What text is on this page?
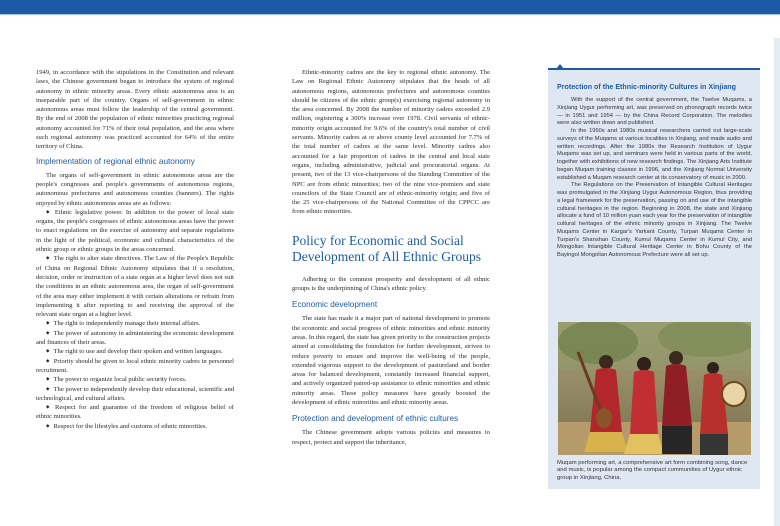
1949, in accordance with the stipulations in the Constitution and relevant laws, the Chinese government began to introduce the system of regional autonomy in ethnic minority areas. Every ethnic autonomous area is an inseparable part of the country. Organs of self-government in ethnic autonomous areas must follow the leadership of the central government. By the end of 2008 the population of ethnic minorities practicing regional autonomy accounted for 71% of their total population, and the area where such regional autonomy was practiced accounted for 64% of the entire territory of China.

Implementation of regional ethnic autonomy

The organs of self-government in ethnic autonomous areas are the people's congresses and people's governments of autonomous regions, autonomous prefectures and autonomous counties (banners). The rights enjoyed by ethnic autonomous areas are as follows:

◆ Ethnic legislative power. In addition to the power of local state organs, the people's congresses of ethnic autonomous areas have the power to enact regulations on the exercise of autonomy and separate regulations in the light of the political, economic and cultural characteristics of the ethnic group or ethnic groups in the areas concerned.

◆ The right to alter state directives. The Law of the People's Republic of China on Regional Ethnic Autonomy stipulates that if a resolution, decision, order or instruction of a state organ at a higher level does not suit the conditions in an ethnic autonomous area, the organ of self-government of the area may either implement it with certain alterations or refrain from implementing it after reporting to and receiving the approval of the relevant state organ at a higher level.

◆ The right to independently manage their internal affairs.

◆ The power of autonomy in administering the economic development and finances of their areas.

◆ The right to use and develop their spoken and written languages.

◆ Priority should be given to local ethnic minority cadres in personnel recruitment.

◆ The power to organize local public security forces.

◆ The power to independently develop their educational, scientific and technological, and cultural affairs.

◆ Respect for and guarantee of the freedom of religious belief of ethnic minorities.

◆ Respect for the lifestyles and customs of ethnic minorities.

Ethnic-minority cadres are the key to regional ethnic autonomy. The Law on Regional Ethnic Autonomy stipulates that the heads of all autonomous regions, autonomous prefectures and autonomous counties should be citizens of the ethnic group(s) exercising regional autonomy in the area concerned. By 2008 the number of minority cadres exceeded 2.9 million, registering a 300% increase over 1978. Civil servants of ethnic-minority origin accounted for 9.6% of the country's total number of civil servants. Minority cadres at or above county level accounted for 7.7% of the total number of cadres at the same level. Minority cadres also accounted for a fair proportion of cadres in the central and local state organs, including administrative, judicial and procuratorial organs. At present, two of the 13 vice-chairpersons of the Standing Committee of the NPC are from ethnic minorities; two of the nine vice-premiers and state councilors of the State Council are of ethnic-minority origin; and five of the 25 vice-chairpersons of the National Committee of the CPPCC are from ethnic minorities.

Policy for Economic and Social
Development of All Ethnic Groups

Adhering to the common prosperity and development of all ethnic groups is the underpinning of China's ethnic policy.

Economic development

The state has made it a major part of national development to promote the economic and social progress of ethnic minorities and ethnic minority areas. In this regard, the state has given priority to the construction projects aimed at consolidating the foundation for further development, striven to reduce poverty to ensure and improve the well-being of the people, extended vigorous support to the development of pastureland and border areas for balanced development, constantly increased financial support, and actively organized paired-up assistance to ethnic minorities and ethnic minority areas. These policy measures have greatly boosted the development of ethnic minorities and ethnic minority areas.

Protection and development of ethnic cultures

The Chinese government adopts various policies and measures to respect, protect and support the inheritance,

Protection of the Ethnic-minority Cultures in Xinjiang

With the support of the central government, the Twelve Muqams, a Xinjiang Uygur performing art, was preserved on phonograph records twice — in 1951 and 1954 — by the China Record Corporation. The melodies were also written down and published.

In the 1960s and 1980s musical researchers carried out large-scale surveys of the Muqams at various localities in Xinjiang, and made audio and written recordings. After the 1980s the Research Institution of Uygur Muqams was set up, and seminars were held in various parts of the world, together with exhibitions of new research findings. The Xinjiang Arts Institute began Muqam training classes in 1996, and the Xinjiang Normal University established a Muqam research center at its conservatory of music in 2000.

The Regulations on the Preservation of Intangible Cultural Heritages was promulgated in the Xinjiang Uygur Autonomous Region, thus providing a legal framework for the preservation, passing on and use of the intangible cultural heritages in the region. Beginning in 2008, the state and Xinjiang allocate a fund of 10 million yuan each year for the preservation of intangible cultural heritages of the ethnic minority groups in Xinjiang. The Twelve Muqams Center in Kargar's Yarkant County, Turpan Muqams Center in Turpan's Shanshan County, Kumul Muqams Center in Kumul City, and Mongolian Intangible Cultural Heritage Center in Bohu County of the Bayingol Mongolian Autonomous Prefecture were all set up.

Muqam performing art, a comprehensive art form combining song, dance and music, is popular among the compact communities of Uygur ethnic group in Xinjiang, China.
